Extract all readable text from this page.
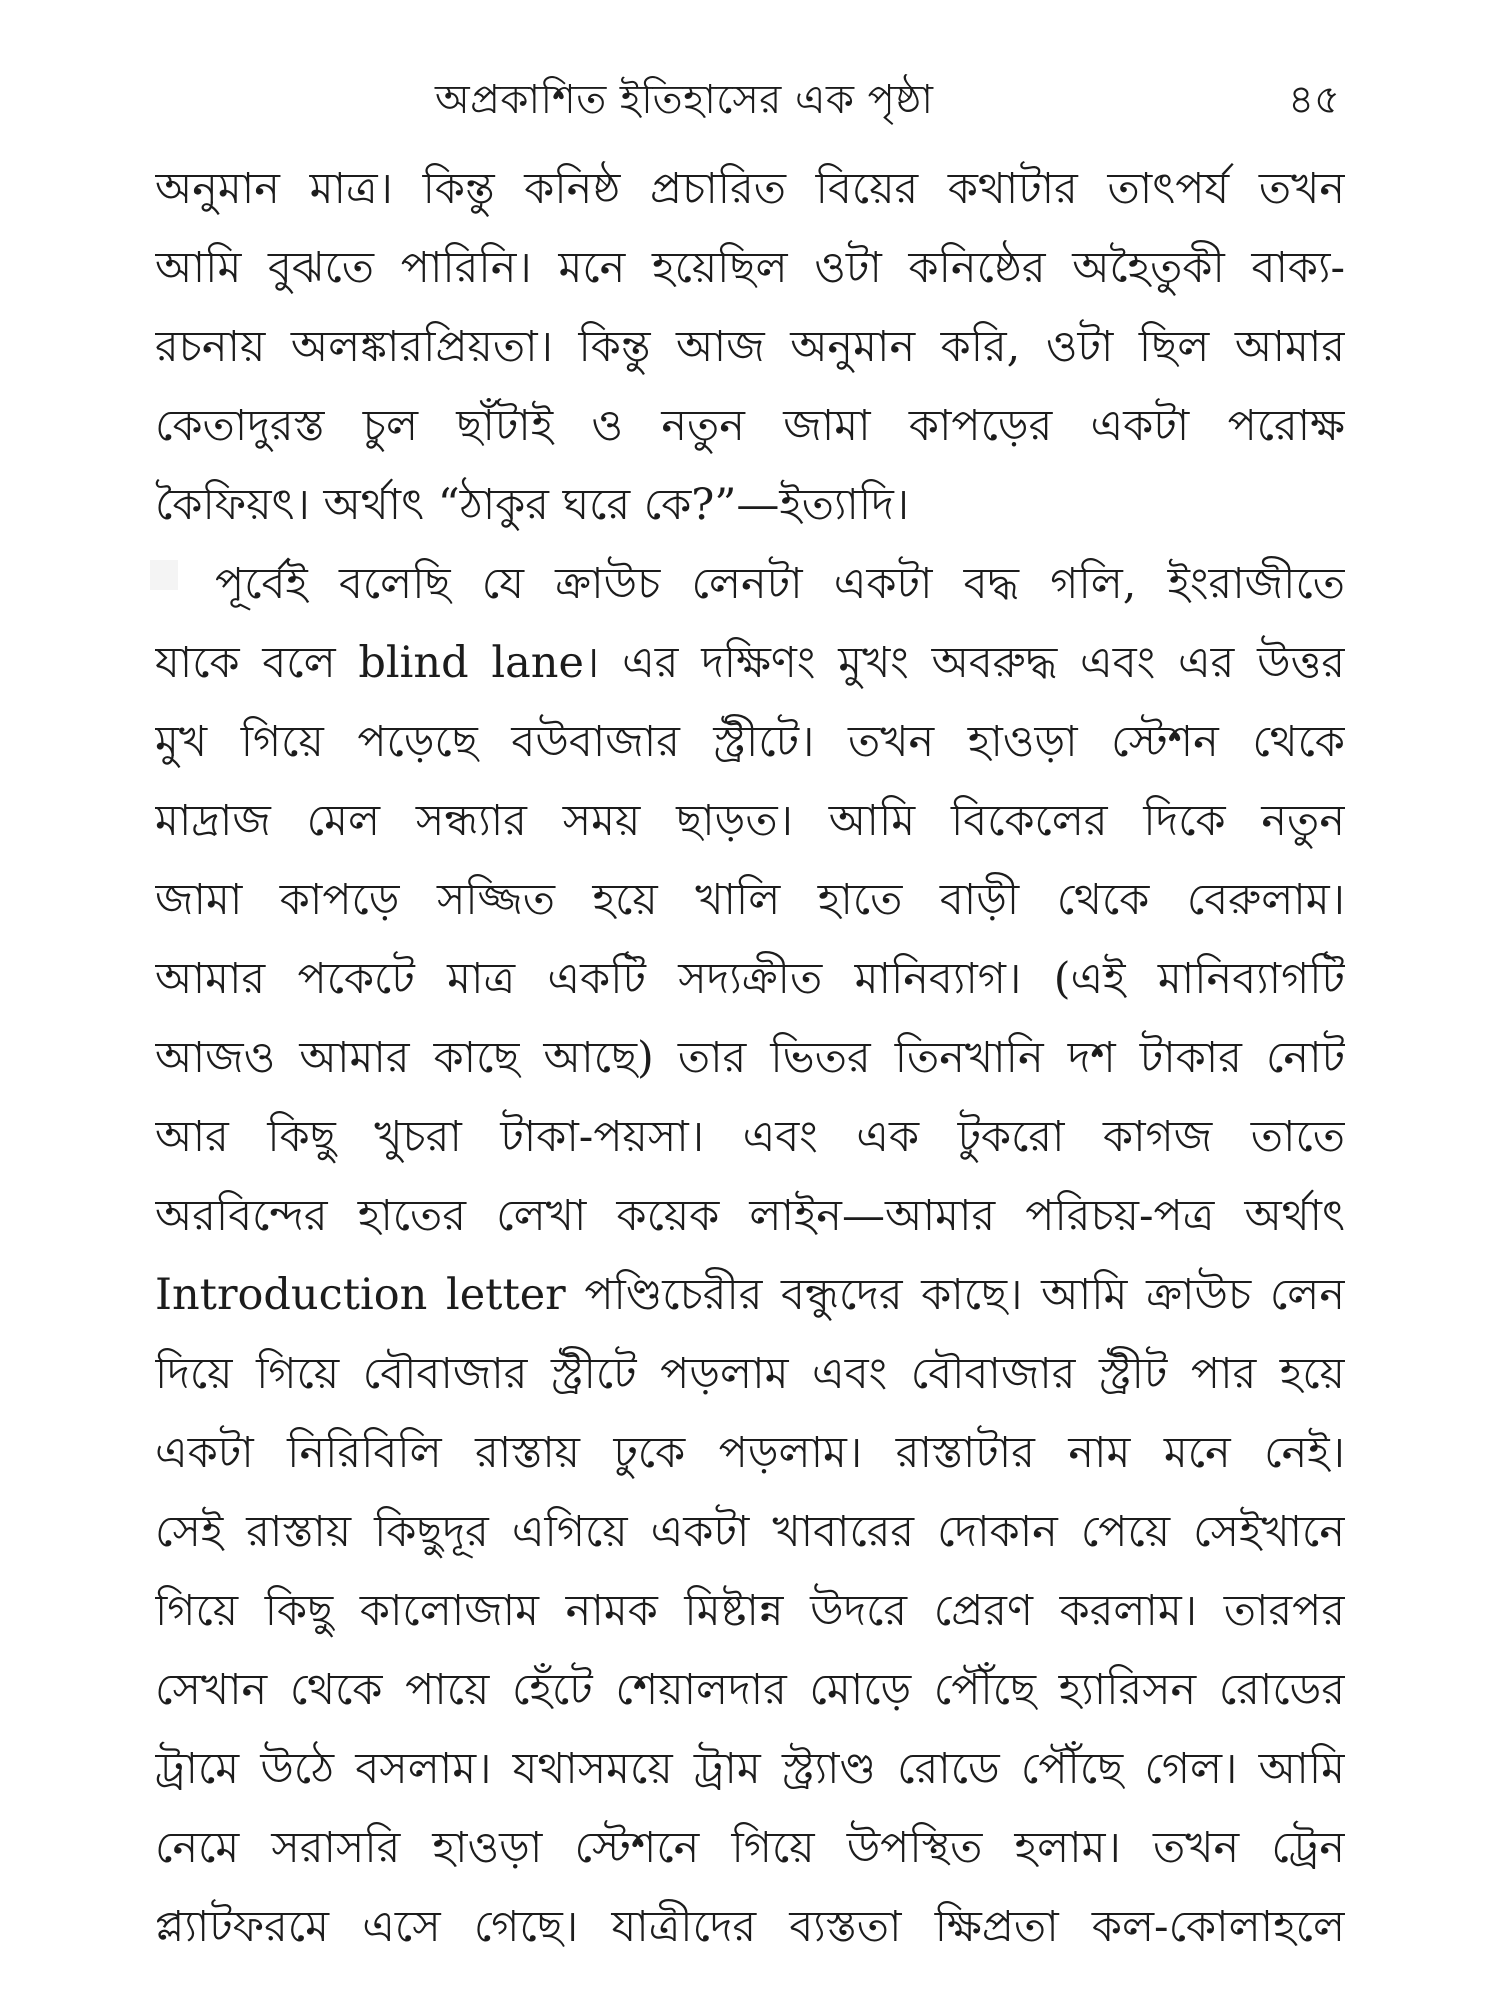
অপ্রকাশিত ইতিহাসের এক পৃষ্ঠা	৪৫
অনুমান মাত্র। কিন্তু কনিষ্ঠ প্রচারিত বিয়ের কথাটার তাৎপর্য তখন
আমি বুঝতে পারিনি। মনে হয়েছিল ওটা কনিষ্ঠের অহৈতুকী বাক্য-
রচনায় অলঙ্কারপ্রিয়তা। কিন্তু আজ অনুমান করি, ওটা ছিল আমার
কেতাদুরস্ত চুল ছাঁটাই ও নতুন জামা কাপড়ের একটা পরোক্ষ
কৈফিয়ৎ। অর্থাৎ “ঠাকুর ঘরে কে?”—ইত্যাদি।
পূর্বেই বলেছি যে ক্রাউচ লেনটা একটা বদ্ধ গলি, ইংরাজীতে
যাকে বলে blind lane। এর দক্ষিণং মুখং অবরুদ্ধ এবং এর উত্তর
মুখ গিয়ে পড়েছে বউবাজার স্ট্রীটে। তখন হাওড়া স্টেশন থেকে
মাদ্রাজ মেল সন্ধ্যার সময় ছাড়ত। আমি বিকেলের দিকে নতুন
জামা কাপড়ে সজ্জিত হয়ে খালি হাতে বাড়ী থেকে বেরুলাম।
আমার পকেটে মাত্র একটি সদ্যক্রীত মানিব্যাগ। (এই মানিব্যাগটি
আজও আমার কাছে আছে) তার ভিতর তিনখানি দশ টাকার নোট
আর কিছু খুচরা টাকা-পয়সা। এবং এক টুকরো কাগজ তাতে
অরবিন্দের হাতের লেখা কয়েক লাইন—আমার পরিচয়-পত্র অর্থাৎ
Introduction letter পণ্ডিচেরীর বন্ধুদের কাছে। আমি ক্রাউচ লেন
দিয়ে গিয়ে বৌবাজার স্ট্রীটে পড়লাম এবং বৌবাজার স্ট্রীট পার হয়ে
একটা নিরিবিলি রাস্তায় ঢুকে পড়লাম। রাস্তাটার নাম মনে নেই।
সেই রাস্তায় কিছুদূর এগিয়ে একটা খাবারের দোকান পেয়ে সেইখানে
গিয়ে কিছু কালোজাম নামক মিষ্টান্ন উদরে প্রেরণ করলাম। তারপর
সেখান থেকে পায়ে হেঁটে শেয়ালদার মোড়ে পৌঁছে হ্যারিসন রোডের
ট্রামে উঠে বসলাম। যথাসময়ে ট্রাম স্ট্র্যাণ্ড রোডে পৌঁছে গেল। আমি
নেমে সরাসরি হাওড়া স্টেশনে গিয়ে উপস্থিত হলাম। তখন ট্রেন
প্ল্যাটফরমে এসে গেছে। যাত্রীদের ব্যস্ততা ক্ষিপ্রতা কল-কোলাহলে
